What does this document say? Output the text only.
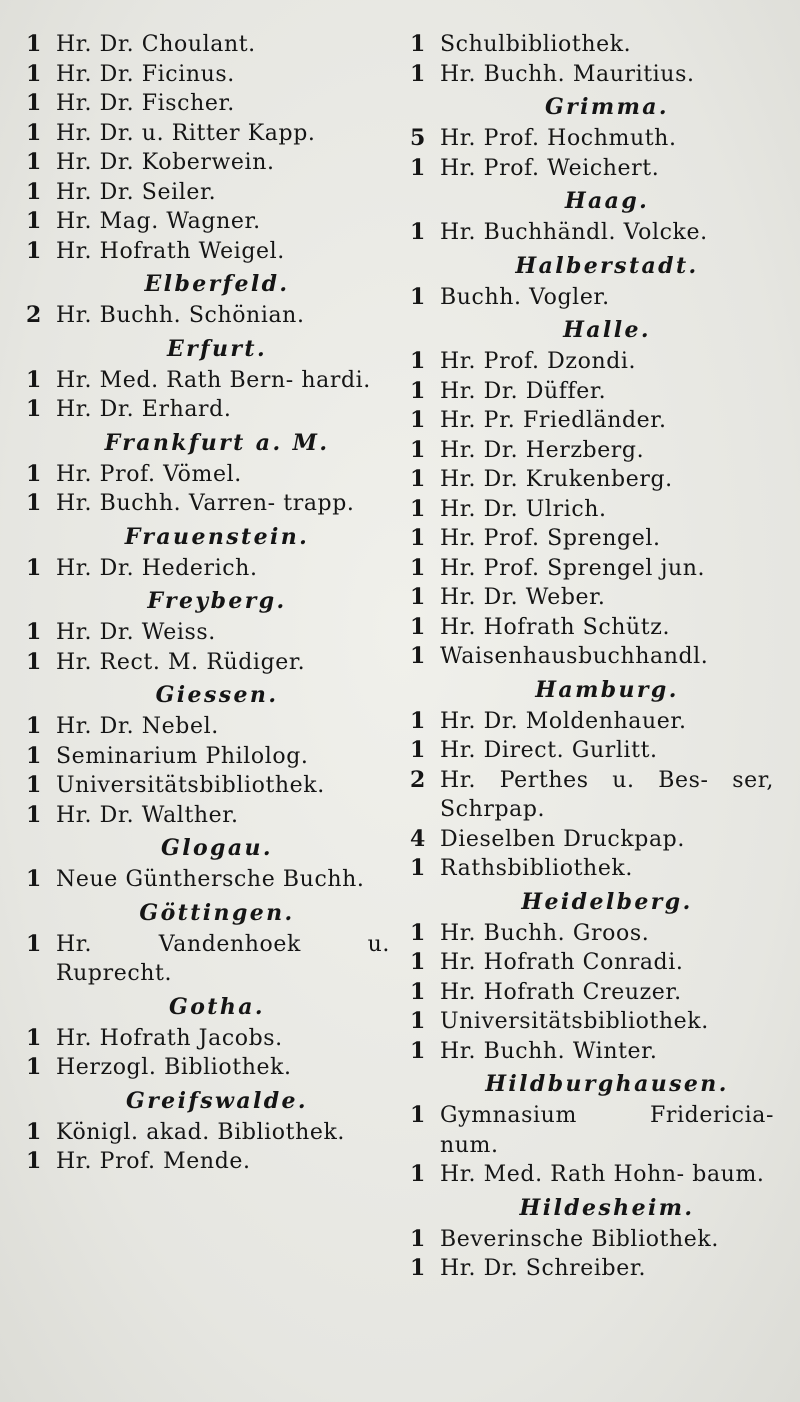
1 Hr. Dr. Choulant.
1 Hr. Dr. Ficinus.
1 Hr. Dr. Fischer.
1 Hr. Dr. u. Ritter Kapp.
1 Hr. Dr. Koberwein.
1 Hr. Dr. Seiler.
1 Hr. Mag. Wagner.
1 Hr. Hofrath Weigel.
Elberfeld.
2 Hr. Buchh. Schönian.
Erfurt.
1 Hr. Med. Rath Bern- hardi.
1 Hr. Dr. Erhard.
Frankfurt a. M.
1 Hr. Prof. Vömel.
1 Hr. Buchh. Varren- trapp.
Frauenstein.
1 Hr. Dr. Hederich.
Freyberg.
1 Hr. Dr. Weiss.
1 Hr. Rect. M. Rüdiger.
Giessen.
1 Hr. Dr. Nebel.
1 Seminarium Philolog.
1 Universitätsbibliothek.
1 Hr. Dr. Walther.
Glogau.
1 Neue Günthersche Buchh.
Göttingen.
1 Hr. Vandenhoek u. Ruprecht.
Gotha.
1 Hr. Hofrath Jacobs.
1 Herzogl. Bibliothek.
Greifswalde.
1 Königl. akad. Bibliothek.
1 Hr. Prof. Mende.
1 Schulbibliothek.
1 Hr. Buchh. Mauritius.
Grimma.
5 Hr. Prof. Hochmuth.
1 Hr. Prof. Weichert.
Haag.
1 Hr. Buchhändl. Volcke.
Halberstadt.
1 Buchh. Vogler.
Halle.
1 Hr. Prof. Dzondi.
1 Hr. Dr. Düffer.
1 Hr. Pr. Friedländer.
1 Hr. Dr. Herzberg.
1 Hr. Dr. Krukenberg.
1 Hr. Dr. Ulrich.
1 Hr. Prof. Sprengel.
1 Hr. Prof. Sprengel jun.
1 Hr. Dr. Weber.
1 Hr. Hofrath Schütz.
1 Waisenhausbuchhandl.
Hamburg.
1 Hr. Dr. Moldenhauer.
1 Hr. Direct. Gurlitt.
2 Hr. Perthes u. Bes- ser, Schrpap.
4 Dieselben Druckpap.
1 Rathsbibliothek.
Heidelberg.
1 Hr. Buchh. Groos.
1 Hr. Hofrath Conradi.
1 Hr. Hofrath Creuzer.
1 Universitätsbibliothek.
1 Hr. Buchh. Winter.
Hildburghausen.
1 Gymnasium Fridericia- num.
1 Hr. Med. Rath Hohn- baum.
Hildesheim.
1 Beverinsche Bibliothek.
1 Hr. Dr. Schreiber.
